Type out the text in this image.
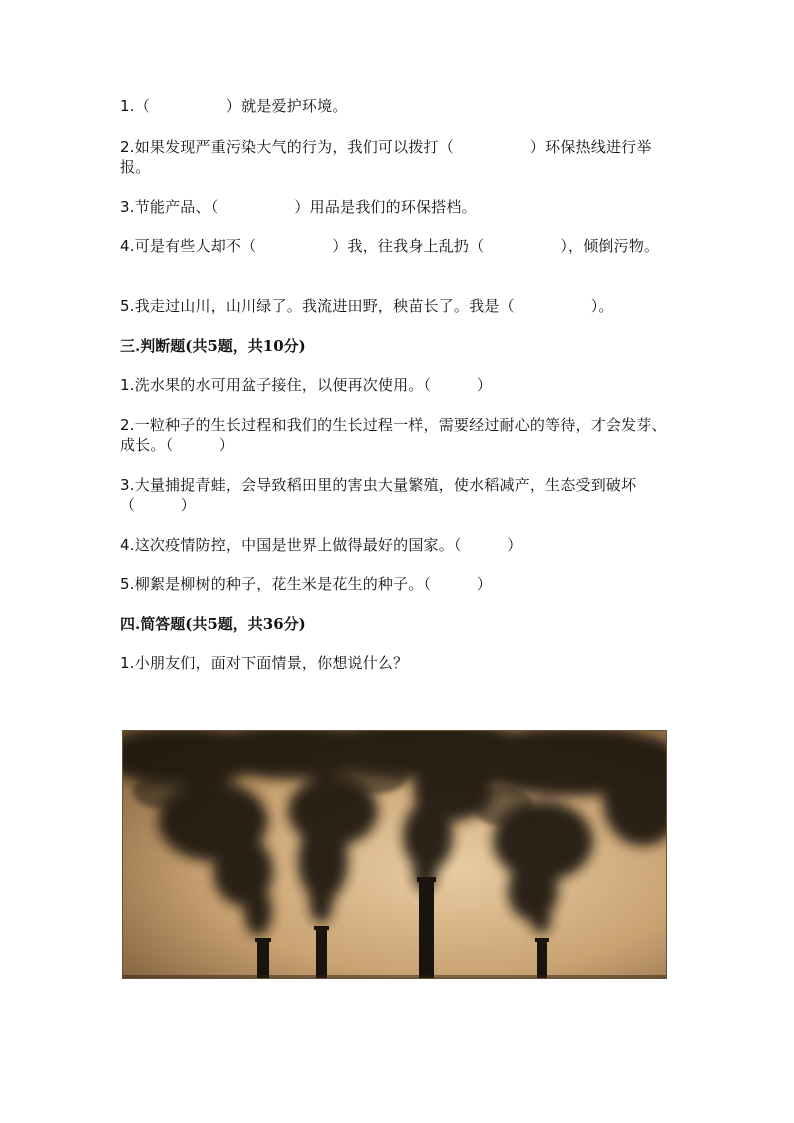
1.（　　　　　）就是爱护环境。

2.如果发现严重污染大气的行为，我们可以拨打（　　　　　）环保热线进行举报。

3.节能产品、（　　　　　）用品是我们的环保搭档。

4.可是有些人却不（　　　　　）我，往我身上乱扔（　　　　　），倾倒污物。

5.我走过山川，山川绿了。我流进田野，秧苗长了。我是（　　　　　）。

三.判断题(共5题，共10分)

1.洗水果的水可用盆子接住，以便再次使用。（　　　）

2.一粒种子的生长过程和我们的生长过程一样，需要经过耐心的等待，才会发芽、成长。（　　　）

3.大量捕捉青蛙，会导致稻田里的害虫大量繁殖，使水稻减产，生态受到破坏（　　　）

4.这次疫情防控，中国是世界上做得最好的国家。（　　　）

5.柳絮是柳树的种子，花生米是花生的种子。（　　　）

四.简答题(共5题，共36分)

1.小朋友们，面对下面情景，你想说什么？
